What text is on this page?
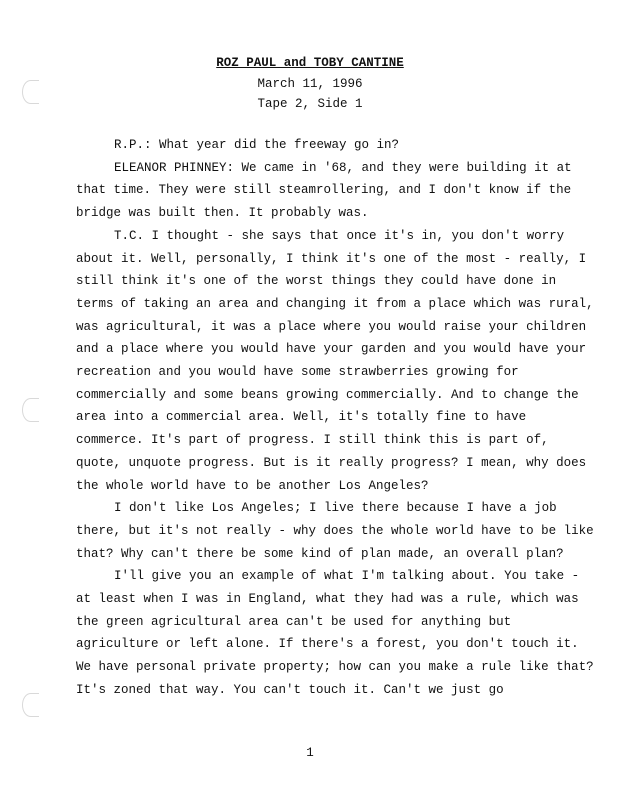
ROZ PAUL and TOBY CANTINE
March 11, 1996
Tape 2, Side 1

R.P.: What year did the freeway go in?

ELEANOR PHINNEY: We came in '68, and they were building it at that time. They were still steamrollering, and I don't know if the bridge was built then. It probably was.

T.C. I thought - she says that once it's in, you don't worry about it. Well, personally, I think it's one of the most - really, I still think it's one of the worst things they could have done in terms of taking an area and changing it from a place which was rural, was agricultural, it was a place where you would raise your children and a place where you would have your garden and you would have your recreation and you would have some strawberries growing for commercially and some beans growing commercially. And to change the area into a commercial area. Well, it's totally fine to have commerce. It's part of progress. I still think this is part of, quote, unquote progress. But is it really progress? I mean, why does the whole world have to be another Los Angeles?

I don't like Los Angeles; I live there because I have a job there, but it's not really - why does the whole world have to be like that? Why can't there be some kind of plan made, an overall plan?

I'll give you an example of what I'm talking about. You take - at least when I was in England, what they had was a rule, which was the green agricultural area can't be used for anything but agriculture or left alone. If there's a forest, you don't touch it. We have personal private property; how can you make a rule like that? It's zoned that way. You can't touch it. Can't we just go

1
